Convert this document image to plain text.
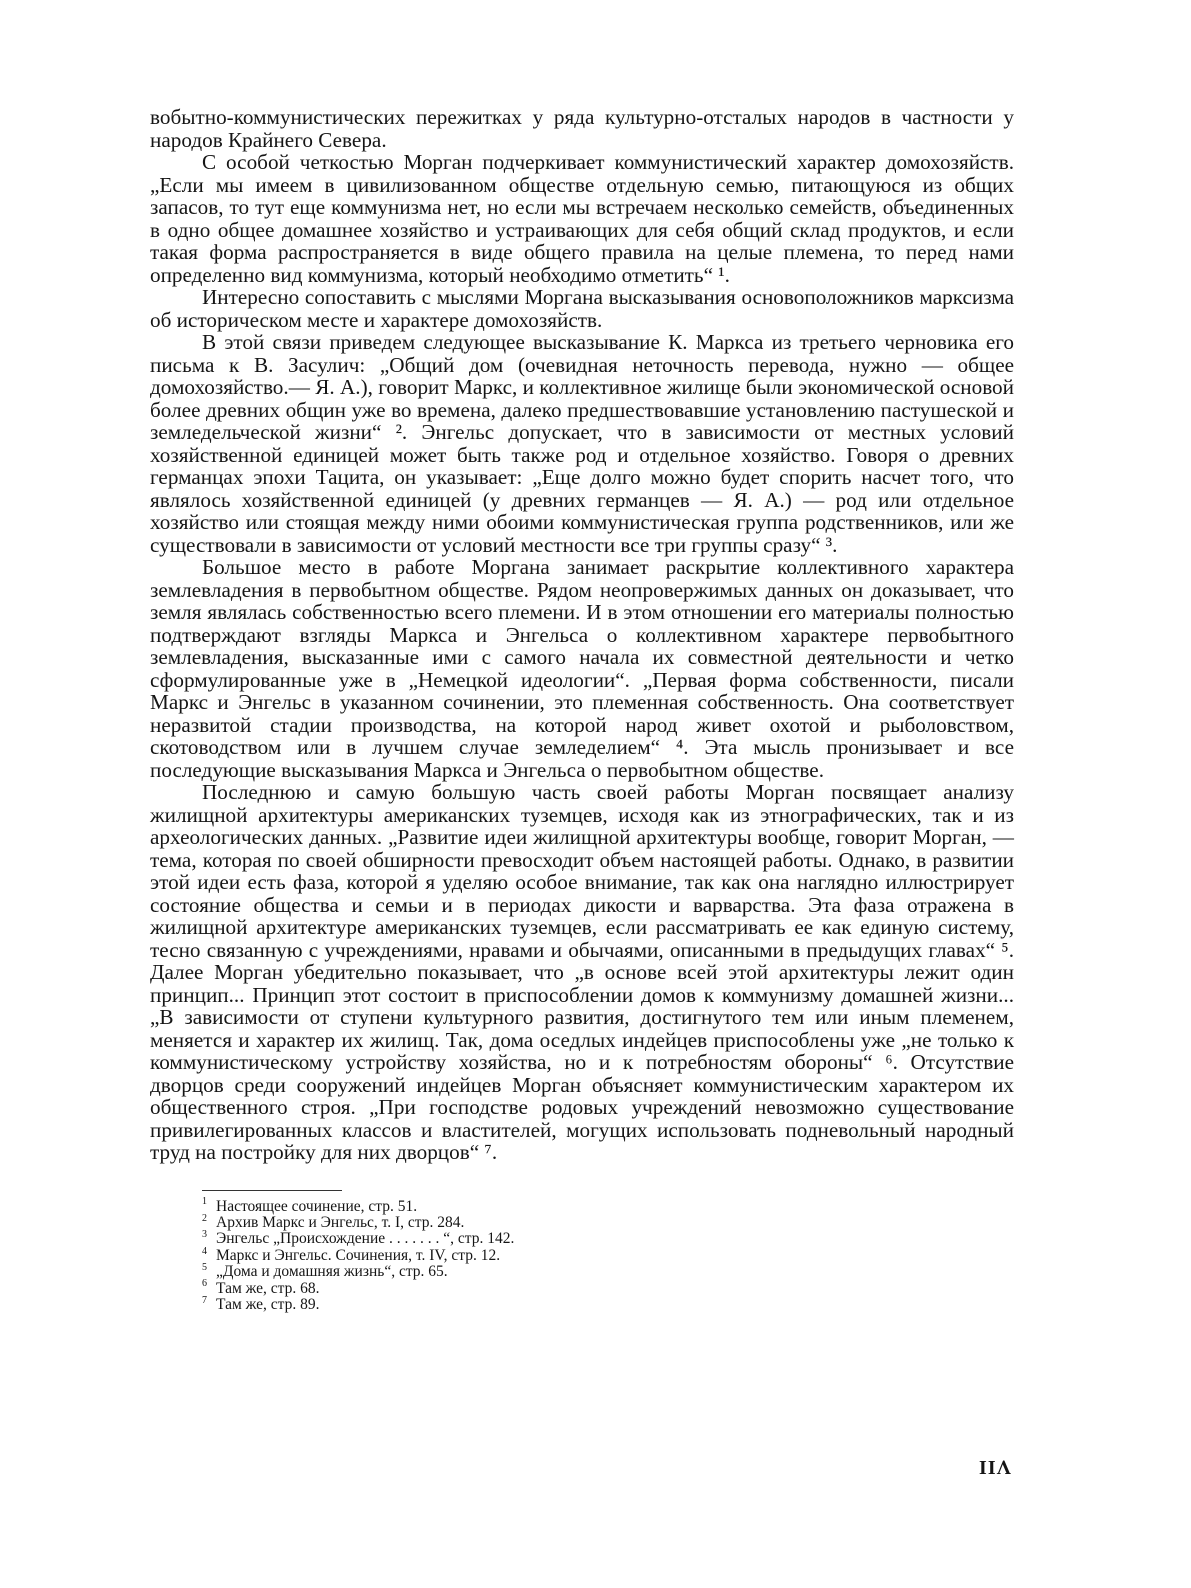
вобытно-коммунистических пережитках у ряда культурно-отсталых народов в частности у народов Крайнего Севера.

С особой четкостью Морган подчеркивает коммунистический характер домохозяйств. „Если мы имеем в цивилизованном обществе отдельную семью, питающуюся из общих запасов, то тут еще коммунизма нет, но если мы встречаем несколько семейств, объединенных в одно общее домашнее хозяйство и устраивающих для себя общий склад продуктов, и если такая форма распространяется в виде общего правила на целые племена, то перед нами определенно вид коммунизма, который необходимо отметить“ ¹.

Интересно сопоставить с мыслями Моргана высказывания основоположников марксизма об историческом месте и характере домохозяйств.

В этой связи приведем следующее высказывание К. Маркса из третьего черновика его письма к В. Засулич: „Общий дом (очевидная неточность перевода, нужно — общее домохозяйство.— Я. А.), говорит Маркс, и коллективное жилище были экономической основой более древних общин уже во времена, далеко предшествовавшие установлению пастушеской и земледельческой жизни“ ². Энгельс допускает, что в зависимости от местных условий хозяйственной единицей может быть также род и отдельное хозяйство. Говоря о древних германцах эпохи Тацита, он указывает: „Еще долго можно будет спорить насчет того, что являлось хозяйственной единицей (у древних германцев — Я. А.) — род или отдельное хозяйство или стоящая между ними обоими коммунистическая группа родственников, или же существовали в зависимости от условий местности все три группы сразу“ ³.

Большое место в работе Моргана занимает раскрытие коллективного характера землевладения в первобытном обществе. Рядом неопровержимых данных он доказывает, что земля являлась собственностью всего племени. И в этом отношении его материалы полностью подтверждают взгляды Маркса и Энгельса о коллективном характере первобытного землевладения, высказанные ими с самого начала их совместной деятельности и четко сформулированные уже в „Немецкой идеологии“. „Первая форма собственности, писали Маркс и Энгельс в указанном сочинении, это племенная собственность. Она соответствует неразвитой стадии производства, на которой народ живет охотой и рыболовством, скотоводством или в лучшем случае земледелием“ ⁴. Эта мысль пронизывает и все последующие высказывания Маркса и Энгельса о первобытном обществе.

Последнюю и самую большую часть своей работы Морган посвящает анализу жилищной архитектуры американских туземцев, исходя как из этнографических, так и из археологических данных. „Развитие идеи жилищной архитектуры вообще, говорит Морган, — тема, которая по своей обширности превосходит объем настоящей работы. Однако, в развитии этой идеи есть фаза, которой я уделяю особое внимание, так как она наглядно иллюстрирует состояние общества и семьи и в периодах дикости и варварства. Эта фаза отражена в жилищной архитектуре американских туземцев, если рассматривать ее как единую систему, тесно связанную с учреждениями, нравами и обычаями, описанными в предыдущих главах“ ⁵. Далее Морган убедительно показывает, что „в основе всей этой архитектуры лежит один принцип... Принцип этот состоит в приспособлении домов к коммунизму домашней жизни... „В зависимости от ступени культурного развития, достигнутого тем или иным племенем, меняется и характер их жилищ. Так, дома оседлых индейцев приспособлены уже „не только к коммунистическому устройству хозяйства, но и к потребностям обороны“ ⁶. Отсутствие дворцов среди сооружений индейцев Морган объясняет коммунистическим характером их общественного строя. „При господстве родовых учреждений невозможно существование привилегированных классов и властителей, могущих использовать подневольный народный труд на постройку для них дворцов“ ⁷.

1 Настоящее сочинение, стр. 51.
2 Архив Маркс и Энгельс, т. I, стр. 284.
3 Энгельс „Происхождение . . . . . . . “, стр. 142.
4 Маркс и Энгельс. Сочинения, т. IV, стр. 12.
5 „Дома и домашняя жизнь“, стр. 65.
6 Там же, стр. 68.
7 Там же, стр. 89.
VII
